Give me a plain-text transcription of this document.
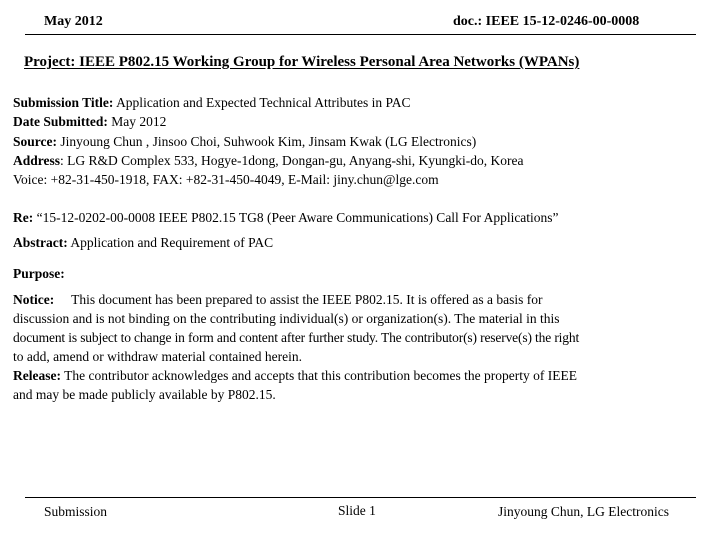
May 2012	doc.: IEEE 15-12-0246-00-0008
Project: IEEE P802.15 Working Group for Wireless Personal Area Networks (WPANs)
Submission Title: Application and Expected Technical Attributes in PAC
Date Submitted: May 2012
Source: Jinyoung Chun , Jinsoo Choi, Suhwook Kim, Jinsam Kwak (LG Electronics)
Address: LG R&D Complex 533, Hogye-1dong, Dongan-gu, Anyang-shi, Kyungki-do, Korea
Voice: +82-31-450-1918, FAX: +82-31-450-4049, E-Mail: jiny.chun@lge.com
Re: “15-12-0202-00-0008 IEEE P802.15 TG8 (Peer Aware Communications) Call For Applications”
Abstract: Application and Requirement of PAC
Purpose:
Notice: This document has been prepared to assist the IEEE P802.15. It is offered as a basis for
discussion and is not binding on the contributing individual(s) or organization(s). The material in this
document is subject to change in form and content after further study. The contributor(s) reserve(s) the right
to add, amend or withdraw material contained herein.
Release: The contributor acknowledges and accepts that this contribution becomes the property of IEEE
and may be made publicly available by P802.15.
Submission	Slide 1	Jinyoung Chun, LG Electronics
